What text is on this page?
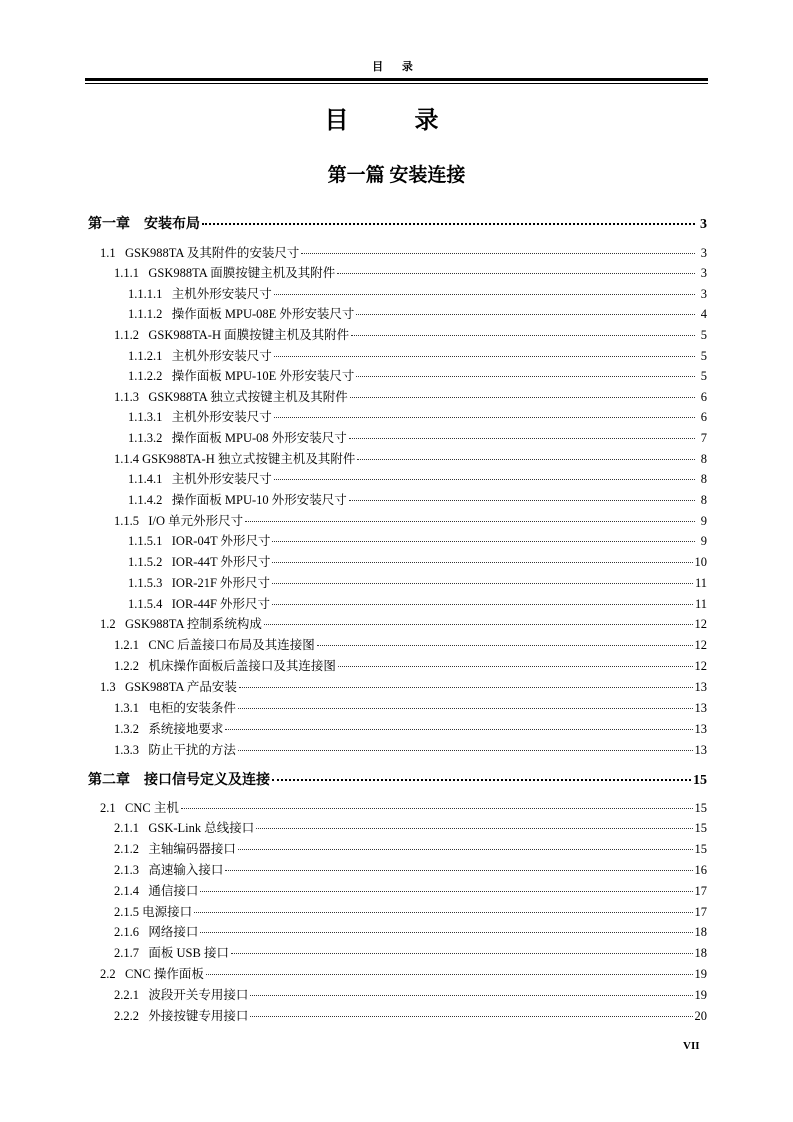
目 录
目 录
第一篇 安装连接
第一章    安装布局	3
1.1   GSK988TA 及其附件的安装尺寸	3
1.1.1   GSK988TA 面膜按键主机及其附件	3
1.1.1.1   主机外形安装尺寸	3
1.1.1.2   操作面板 MPU-08E 外形安装尺寸	4
1.1.2   GSK988TA-H 面膜按键主机及其附件	5
1.1.2.1   主机外形安装尺寸	5
1.1.2.2   操作面板 MPU-10E 外形安装尺寸	5
1.1.3   GSK988TA 独立式按键主机及其附件	6
1.1.3.1   主机外形安装尺寸	6
1.1.3.2   操作面板 MPU-08 外形安装尺寸	7
1.1.4 GSK988TA-H 独立式按键主机及其附件	8
1.1.4.1   主机外形安装尺寸	8
1.1.4.2   操作面板 MPU-10 外形安装尺寸	8
1.1.5   I/O 单元外形尺寸	9
1.1.5.1   IOR-04T 外形尺寸	9
1.1.5.2   IOR-44T 外形尺寸	10
1.1.5.3   IOR-21F 外形尺寸	11
1.1.5.4   IOR-44F 外形尺寸	11
1.2   GSK988TA 控制系统构成	12
1.2.1   CNC 后盖接口布局及其连接图	12
1.2.2   机床操作面板后盖接口及其连接图	12
1.3   GSK988TA 产品安装	13
1.3.1   电柜的安装条件	13
1.3.2   系统接地要求	13
1.3.3   防止干扰的方法	13
第二章    接口信号定义及连接	15
2.1   CNC 主机	15
2.1.1   GSK-Link 总线接口	15
2.1.2   主轴编码器接口	15
2.1.3   高速输入接口	16
2.1.4   通信接口	17
2.1.5 电源接口	17
2.1.6   网络接口	18
2.1.7   面板 USB 接口	18
2.2   CNC 操作面板	19
2.2.1   波段开关专用接口	19
2.2.2   外接按键专用接口	20
VII
